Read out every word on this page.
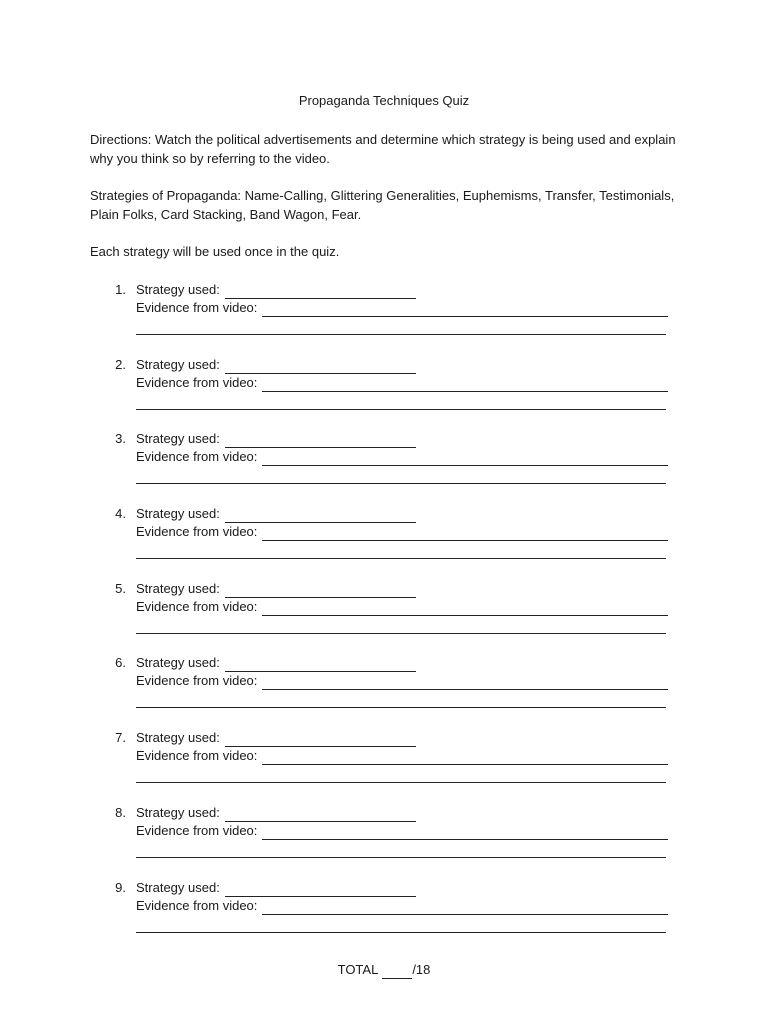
Propaganda Techniques Quiz
Directions: Watch the political advertisements and determine which strategy is being used and explain why you think so by referring to the video.
Strategies of Propaganda: Name-Calling, Glittering Generalities, Euphemisms, Transfer, Testimonials, Plain Folks, Card Stacking, Band Wagon, Fear.
Each strategy will be used once in the quiz.
1. Strategy used:
Evidence from video:
2. Strategy used:
Evidence from video:
3. Strategy used:
Evidence from video:
4. Strategy used:
Evidence from video:
5. Strategy used:
Evidence from video:
6. Strategy used:
Evidence from video:
7. Strategy used:
Evidence from video:
8. Strategy used:
Evidence from video:
9. Strategy used:
Evidence from video:
TOTAL	/18
